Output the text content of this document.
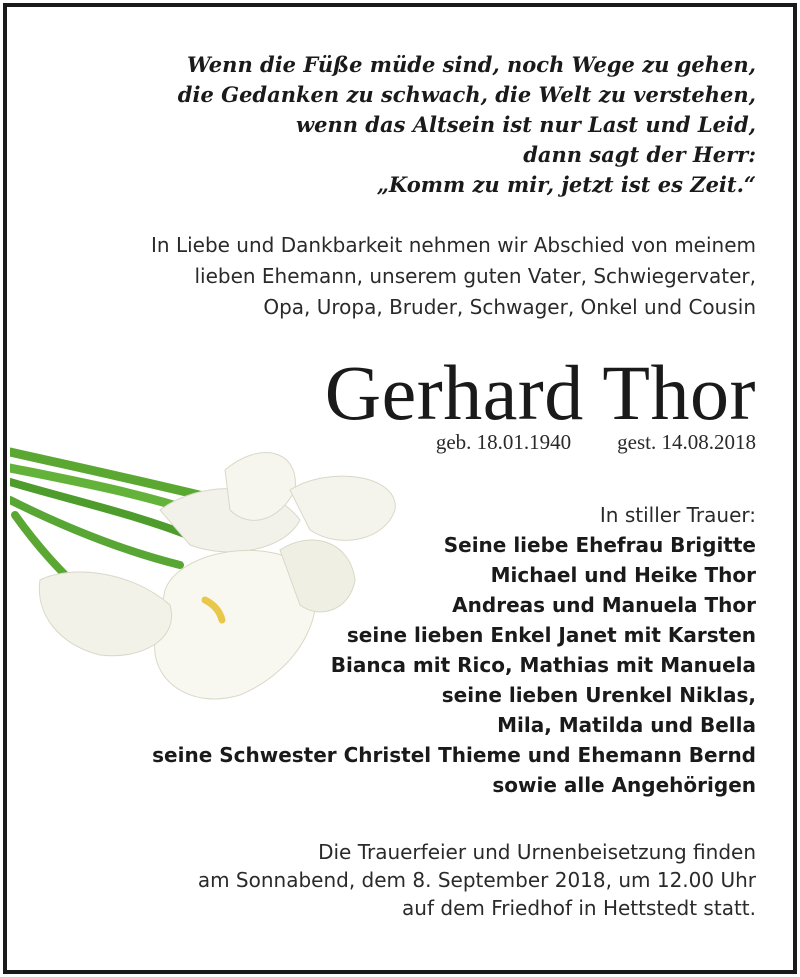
Wenn die Füße müde sind, noch Wege zu gehen,
die Gedanken zu schwach, die Welt zu verstehen,
wenn das Altsein ist nur Last und Leid,
dann sagt der Herr:
„Komm zu mir, jetzt ist es Zeit.“
In Liebe und Dankbarkeit nehmen wir Abschied von meinem
lieben Ehemann, unserem guten Vater, Schwiegervater,
Opa, Uropa, Bruder, Schwager, Onkel und Cousin
Gerhard Thor
geb. 18.01.1940 gest. 14.08.2018
In stiller Trauer:
Seine liebe Ehefrau Brigitte
Michael und Heike Thor
Andreas und Manuela Thor
seine lieben Enkel Janet mit Karsten
Bianca mit Rico, Mathias mit Manuela
seine lieben Urenkel Niklas,
Mila, Matilda und Bella
seine Schwester Christel Thieme und Ehemann Bernd
sowie alle Angehörigen
Die Trauerfeier und Urnenbeisetzung finden
am Sonnabend, dem 8. September 2018, um 12.00 Uhr
auf dem Friedhof in Hettstedt statt.
